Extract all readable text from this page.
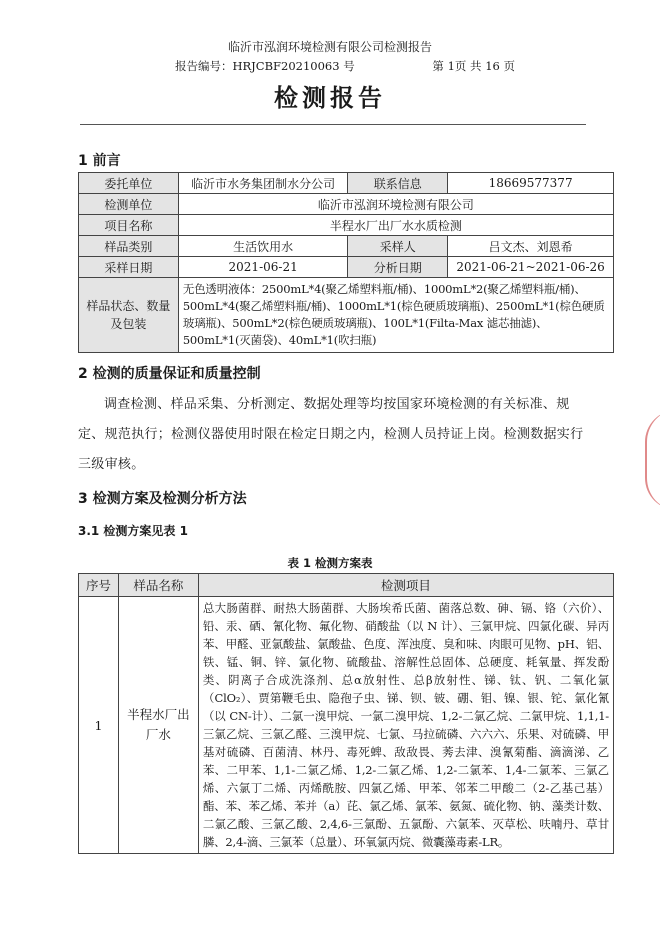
临沂市泓润环境检测有限公司检测报告
报告编号：HRJCBF20210063 号	第 1页 共 16 页
检测报告
1 前言
委托单位	临沂市水务集团制水分公司	联系信息	18669577377
检测单位	临沂市泓润环境检测有限公司		
项目名称	半程水厂出厂水水质检测		
样品类别	生活饮用水	采样人	吕文杰、刘恩希
采样日期	2021-06-21	分析日期	2021-06-21~2021-06-26
样品状态、数量及包装	无色透明液体：2500mL*4(聚乙烯塑料瓶/桶)、1000mL*2(聚乙烯塑料瓶/桶)、500mL*4(聚乙烯塑料瓶/桶)、1000mL*1(棕色硬质玻璃瓶)、2500mL*1(棕色硬质玻璃瓶)、500mL*2(棕色硬质玻璃瓶)、100L*1(Filta-Max 滤芯抽滤)、500mL*1(灭菌袋)、40mL*1(吹扫瓶)		
2 检测的质量保证和质量控制
调查检测、样品采集、分析测定、数据处理等均按国家环境检测的有关标准、规定、规范执行；检测仪器使用时限在检定日期之内，检测人员持证上岗。检测数据实行三级审核。
3 检测方案及检测分析方法
3.1 检测方案见表 1
表 1 检测方案表
序号	样品名称	检测项目
1	半程水厂出厂水	总大肠菌群、耐热大肠菌群、大肠埃希氏菌、菌落总数、砷、镉、铬（六价）、铅、汞、硒、氰化物、氟化物、硝酸盐（以 N 计）、三氯甲烷、四氯化碳、异丙苯、甲醛、亚氯酸盐、氯酸盐、色度、浑浊度、臭和味、肉眼可见物、pH、铝、铁、锰、铜、锌、氯化物、硫酸盐、溶解性总固体、总硬度、耗氧量、挥发酚类、阴离子合成洗涤剂、总α放射性、总β放射性、锑、钛、钒、二氧化氯（ClO₂）、贾第鞭毛虫、隐孢子虫、锑、钡、铍、硼、钼、镍、银、铊、氯化氰（以 CN-计）、二氯一溴甲烷、一氯二溴甲烷、1,2-二氯乙烷、二氯甲烷、1,1,1-三氯乙烷、三氯乙醛、三溴甲烷、七氯、马拉硫磷、六六六、乐果、对硫磷、甲基对硫磷、百菌清、林丹、毒死蜱、敌敌畏、莠去津、溴氰菊酯、滴滴涕、乙苯、二甲苯、1,1-二氯乙烯、1,2-二氯乙烯、1,2-二氯苯、1,4-二氯苯、三氯乙烯、六氯丁二烯、丙烯酰胺、四氯乙烯、甲苯、邻苯二甲酸二（2-乙基己基）酯、苯、苯乙烯、苯并（a）芘、氯乙烯、氯苯、氨氮、硫化物、钠、藻类计数、二氯乙酸、三氯乙酸、2,4,6-三氯酚、五氯酚、六氯苯、灭草松、呋喃丹、草甘膦、2,4-滴、三氯苯（总量）、环氧氯丙烷、微囊藻毒素-LR。
